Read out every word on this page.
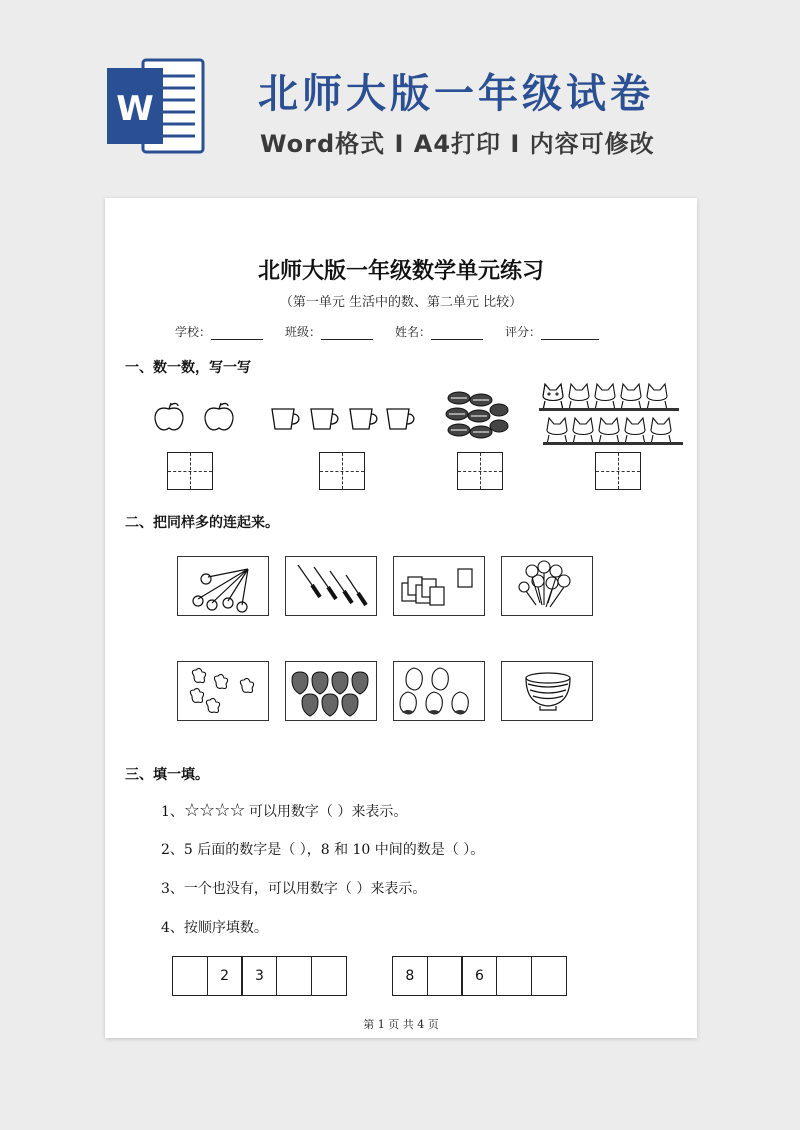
W	北师大版一年级试卷
Word格式 I A4打印 I 内容可修改
北师大版一年级数学单元练习
（第一单元 生活中的数、第二单元 比较）
学校：	班级：	姓名：	评分：
一、数一数，写一写
二、把同样多的连起来。
三、填一填。
1、☆☆☆☆ 可以用数字（ ）来表示。
2、5 后面的数字是（ ），8 和 10 中间的数是（ ）。
3、一个也没有，可以用数字（ ）来表示。
4、按顺序填数。
2	3	8	6
第 1 页 共 4 页
